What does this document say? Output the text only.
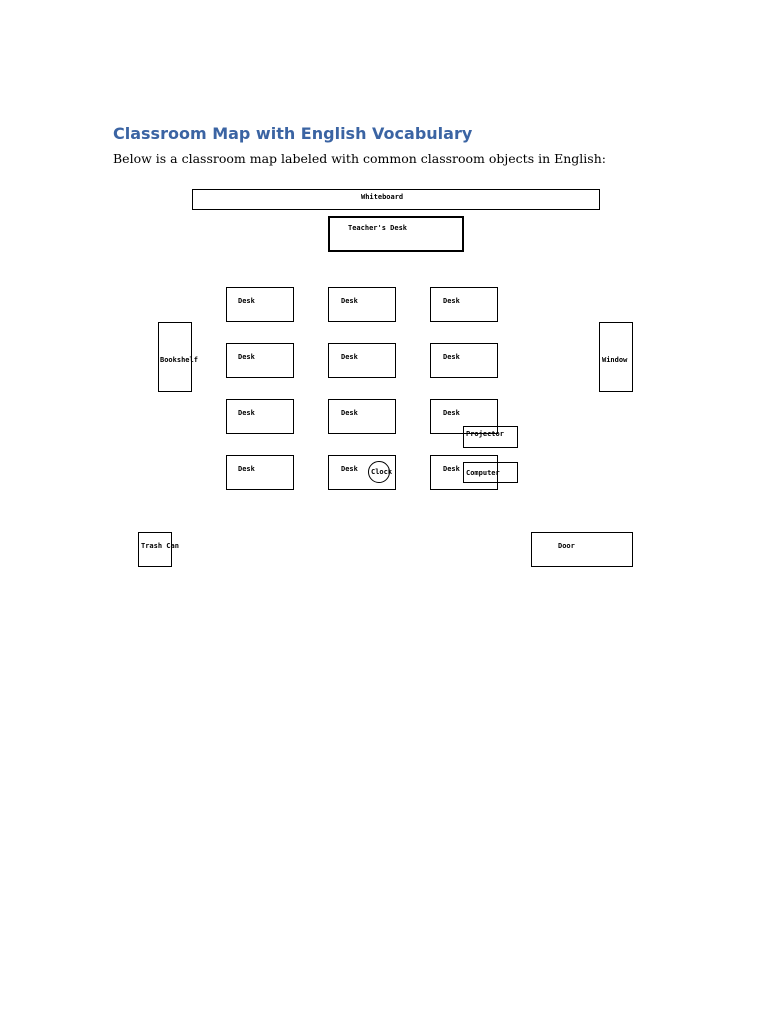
Classroom Map with English Vocabulary

Below is a classroom map labeled with common classroom objects in English:

Whiteboard
Teacher's Desk
Desk	Desk	Desk
Desk	Desk	Desk
Desk	Desk	Desk
Desk	Desk	Desk
Bookshelf	Window
Projector
Computer
Clock
Trash Can	Door
